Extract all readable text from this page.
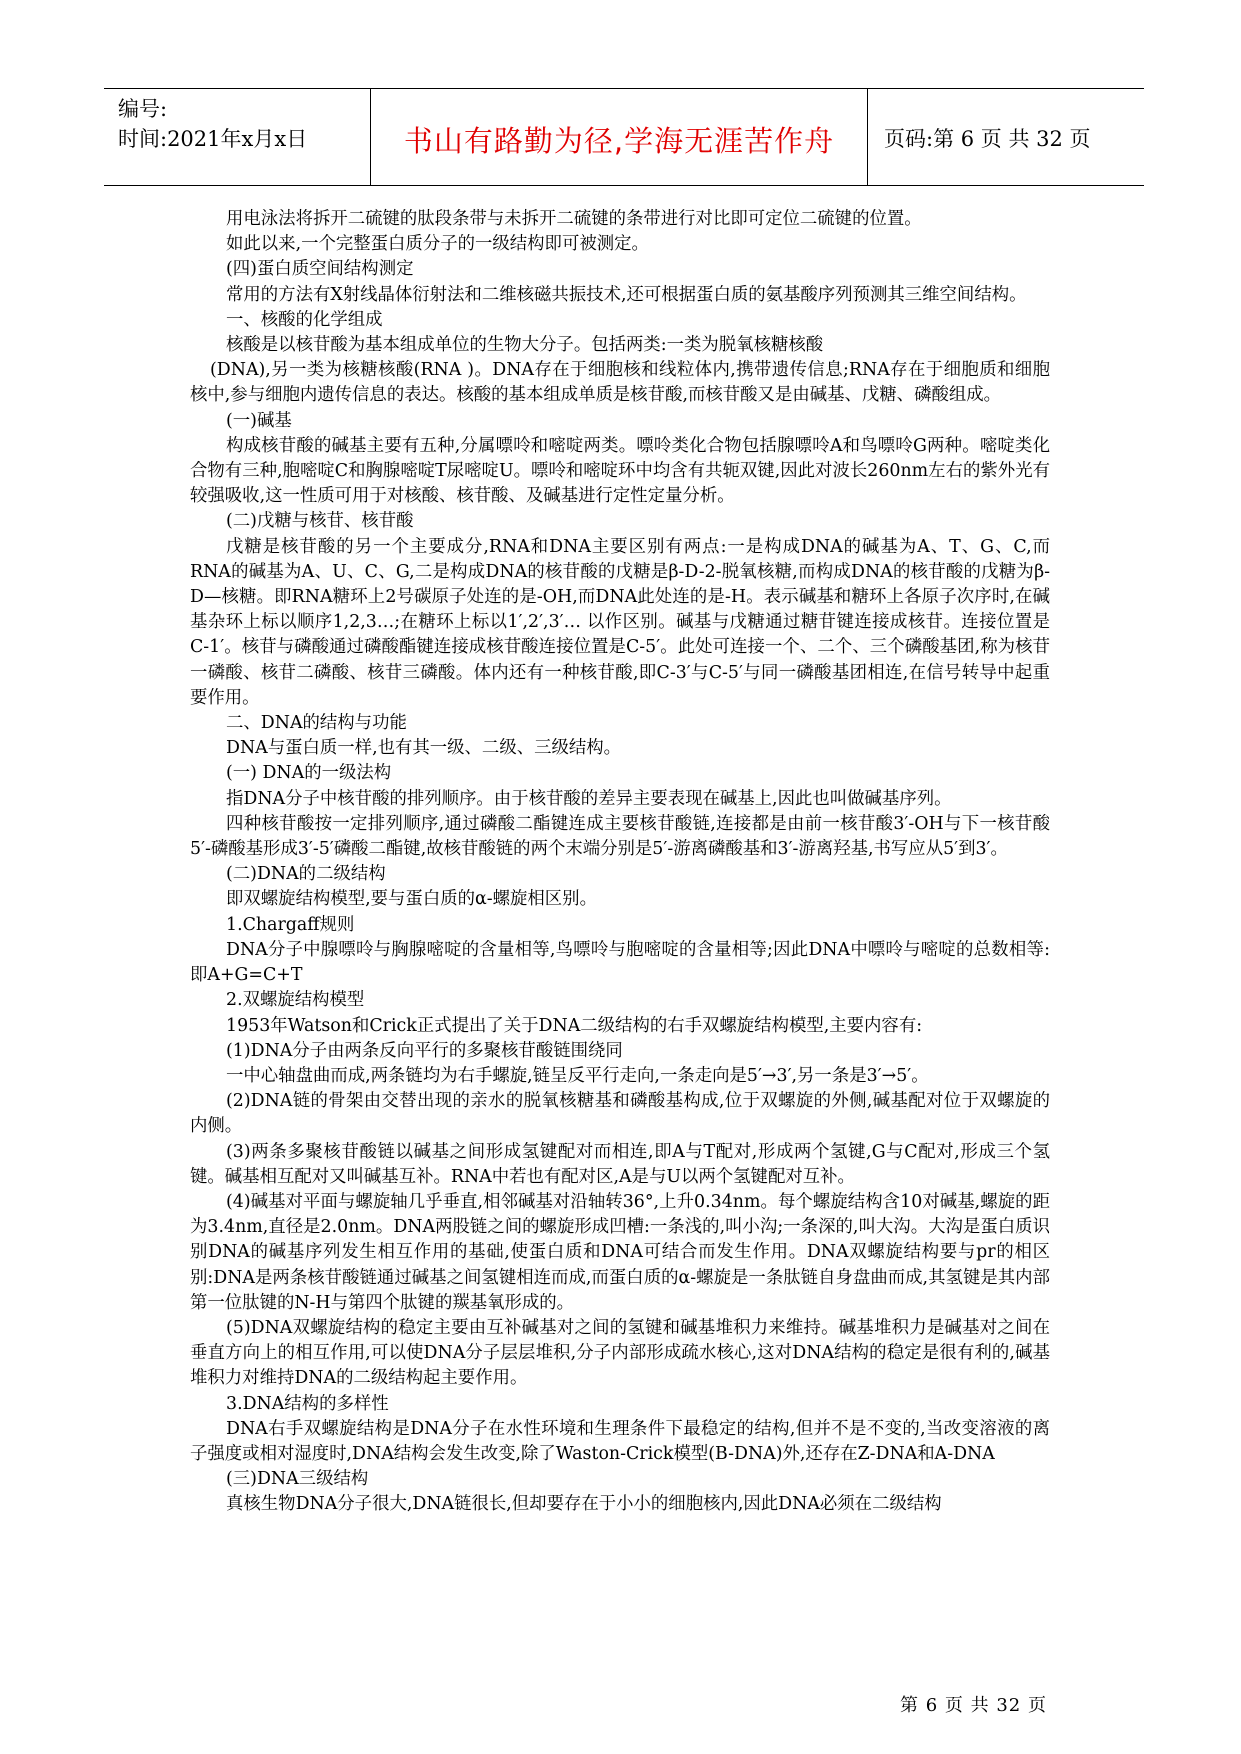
编号:
时间:2021年x月x日	书山有路勤为径,学海无涯苦作舟	页码:第 6 页 共 32 页

用电泳法将拆开二硫键的肽段条带与未拆开二硫键的条带进行对比即可定位二硫键的位置。

如此以来,一个完整蛋白质分子的一级结构即可被测定。

(四)蛋白质空间结构测定

常用的方法有X射线晶体衍射法和二维核磁共振技术,还可根据蛋白质的氨基酸序列预测其三维空间结构。

一、核酸的化学组成

核酸是以核苷酸为基本组成单位的生物大分子。包括两类:一类为脱氧核糖核酸

(DNA),另一类为核糖核酸(RNA )。DNA存在于细胞核和线粒体内,携带遗传信息;RNA存在于细胞质和细胞核中,参与细胞内遗传信息的表达。核酸的基本组成单质是核苷酸,而核苷酸又是由碱基、戊糖、磷酸组成。

(一)碱基

构成核苷酸的碱基主要有五种,分属嘌呤和嘧啶两类。嘌呤类化合物包括腺嘌呤A和鸟嘌呤G两种。嘧啶类化合物有三种,胞嘧啶C和胸腺嘧啶T尿嘧啶U。嘌呤和嘧啶环中均含有共轭双键,因此对波长260nm左右的紫外光有较强吸收,这一性质可用于对核酸、核苷酸、及碱基进行定性定量分析。

(二)戊糖与核苷、核苷酸

戊糖是核苷酸的另一个主要成分,RNA和DNA主要区别有两点:一是构成DNA的碱基为A、T、G、C,而RNA的碱基为A、U、C、G,二是构成DNA的核苷酸的戊糖是β-D-2-脱氧核糖,而构成DNA的核苷酸的戊糖为β-D—核糖。即RNA糖环上2号碳原子处连的是-OH,而DNA此处连的是-H。表示碱基和糖环上各原子次序时,在碱基杂环上标以顺序1,2,3…;在糖环上标以1′,2′,3′… 以作区别。碱基与戊糖通过糖苷键连接成核苷。连接位置是C-1′。核苷与磷酸通过磷酸酯键连接成核苷酸连接位置是C-5′。此处可连接一个、二个、三个磷酸基团,称为核苷一磷酸、核苷二磷酸、核苷三磷酸。体内还有一种核苷酸,即C-3′与C-5′与同一磷酸基团相连,在信号转导中起重要作用。

二、DNA的结构与功能

DNA与蛋白质一样,也有其一级、二级、三级结构。

(一) DNA的一级法构

指DNA分子中核苷酸的排列顺序。由于核苷酸的差异主要表现在碱基上,因此也叫做碱基序列。

四种核苷酸按一定排列顺序,通过磷酸二酯键连成主要核苷酸链,连接都是由前一核苷酸3′-OH与下一核苷酸5′-磷酸基形成3′-5′磷酸二酯键,故核苷酸链的两个末端分别是5′-游离磷酸基和3′-游离羟基,书写应从5′到3′。

(二)DNA的二级结构

即双螺旋结构模型,要与蛋白质的α-螺旋相区别。

1.Chargaff规则

DNA分子中腺嘌呤与胸腺嘧啶的含量相等,鸟嘌呤与胞嘧啶的含量相等;因此DNA中嘌呤与嘧啶的总数相等:即A+G=C+T

2.双螺旋结构模型

1953年Watson和Crick正式提出了关于DNA二级结构的右手双螺旋结构模型,主要内容有:

(1)DNA分子由两条反向平行的多聚核苷酸链围绕同

一中心轴盘曲而成,两条链均为右手螺旋,链呈反平行走向,一条走向是5′→3′,另一条是3′→5′。

(2)DNA链的骨架由交替出现的亲水的脱氧核糖基和磷酸基构成,位于双螺旋的外侧,碱基配对位于双螺旋的内侧。

(3)两条多聚核苷酸链以碱基之间形成氢键配对而相连,即A与T配对,形成两个氢键,G与C配对,形成三个氢键。碱基相互配对又叫碱基互补。RNA中若也有配对区,A是与U以两个氢键配对互补。

(4)碱基对平面与螺旋轴几乎垂直,相邻碱基对沿轴转36°,上升0.34nm。每个螺旋结构含10对碱基,螺旋的距为3.4nm,直径是2.0nm。DNA两股链之间的螺旋形成凹槽:一条浅的,叫小沟;一条深的,叫大沟。大沟是蛋白质识别DNA的碱基序列发生相互作用的基础,使蛋白质和DNA可结合而发生作用。DNA双螺旋结构要与pr的相区别:DNA是两条核苷酸链通过碱基之间氢键相连而成,而蛋白质的α-螺旋是一条肽链自身盘曲而成,其氢键是其内部第一位肽键的N-H与第四个肽键的羰基氧形成的。

(5)DNA双螺旋结构的稳定主要由互补碱基对之间的氢键和碱基堆积力来维持。碱基堆积力是碱基对之间在垂直方向上的相互作用,可以使DNA分子层层堆积,分子内部形成疏水核心,这对DNA结构的稳定是很有利的,碱基堆积力对维持DNA的二级结构起主要作用。

3.DNA结构的多样性

DNA右手双螺旋结构是DNA分子在水性环境和生理条件下最稳定的结构,但并不是不变的,当改变溶液的离子强度或相对湿度时,DNA结构会发生改变,除了Waston-Crick模型(B-DNA)外,还存在Z-DNA和A-DNA

(三)DNA三级结构

真核生物DNA分子很大,DNA链很长,但却要存在于小小的细胞核内,因此DNA必须在二级结构

第 6 页 共 32 页
